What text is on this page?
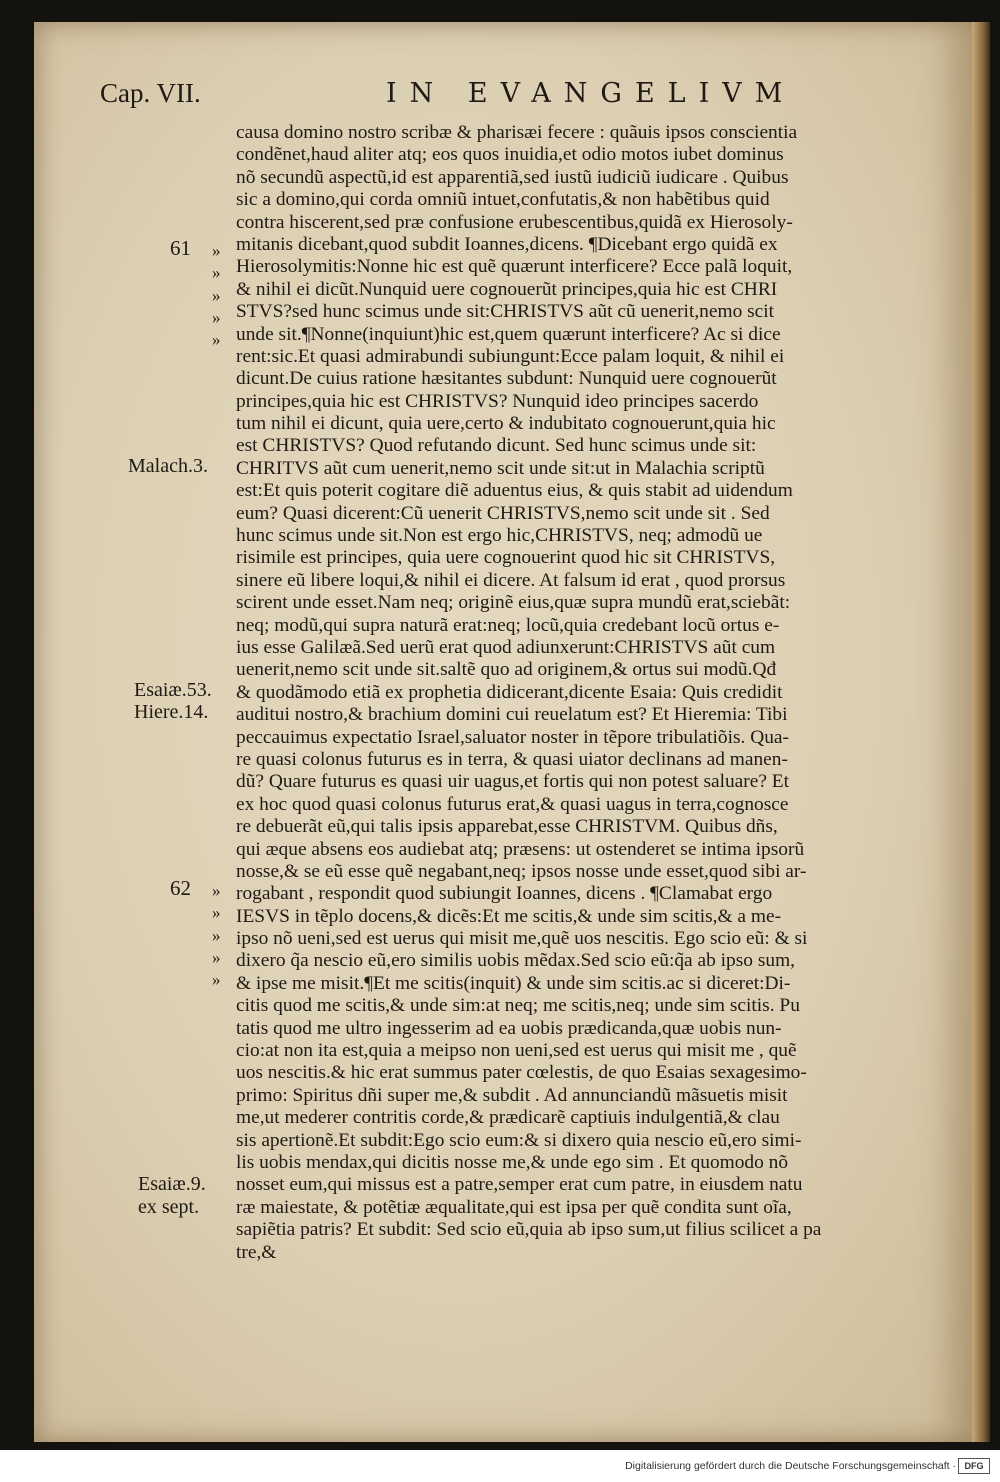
Cap. VII.	IN EVANGELIVM
Malach.3.
Esaiæ.53.
Hiere.14.
Esaiæ.9.
ex sept.
61
62
»
»
»
»
»
»
»
»
»
»
causa domino nostro scribæ & pharisæi fecere : quãuis ipsos conscientia
condẽnet,haud aliter atq; eos quos inuidia,et odio motos iubet dominus
nõ secundũ aspectũ,id est apparentiã,sed iustũ iudiciũ iudicare . Quibus
sic a domino,qui corda omniũ intuet,confutatis,& non habẽtibus quid
contra hiscerent,sed præ confusione erubescentibus,quidã ex Hierosoly-
mitanis dicebant,quod subdit Ioannes,dicens. ¶Dicebant ergo quidã ex
Hierosolymitis:Nonne hic est quẽ quærunt interficere? Ecce palã loquit,
& nihil ei dicũt.Nunquid uere cognouerũt principes,quia hic est CHRI
STVS?sed hunc scimus unde sit:CHRISTVS aũt cũ uenerit,nemo scit
unde sit.¶Nonne(inquiunt)hic est,quem quærunt interficere? Ac si dice
rent:sic.Et quasi admirabundi subiungunt:Ecce palam loquit, & nihil ei
dicunt.De cuius ratione hæsitantes subdunt: Nunquid uere cognouerũt
principes,quia hic est CHRISTVS? Nunquid ideo principes sacerdo
tum nihil ei dicunt, quia uere,certo & indubitato cognouerunt,quia hic
est CHRISTVS? Quod refutando dicunt. Sed hunc scimus unde sit:
CHRITVS aũt cum uenerit,nemo scit unde sit:ut in Malachia scriptũ
est:Et quis poterit cogitare diẽ aduentus eius, & quis stabit ad uidendum
eum? Quasi dicerent:Cũ uenerit CHRISTVS,nemo scit unde sit . Sed
hunc scimus unde sit.Non est ergo hic,CHRISTVS, neq; admodũ ue
risimile est principes, quia uere cognouerint quod hic sit CHRISTVS,
sinere eũ libere loqui,& nihil ei dicere. At falsum id erat , quod prorsus
scirent unde esset.Nam neq; originẽ eius,quæ supra mundũ erat,sciebãt:
neq; modũ,qui supra naturã erat:neq; locũ,quia credebant locũ ortus e-
ius esse Galilæã.Sed uerũ erat quod adiunxerunt:CHRISTVS aũt cum
uenerit,nemo scit unde sit.saltẽ quo ad originem,& ortus sui modũ.Qđ
& quodãmodo etiã ex prophetia didicerant,dicente Esaia: Quis credidit
auditui nostro,& brachium domini cui reuelatum est? Et Hieremia: Tibi
peccauimus expectatio Israel,saluator noster in tẽpore tribulatiõis. Qua-
re quasi colonus futurus es in terra, & quasi uiator declinans ad manen-
dũ? Quare futurus es quasi uir uagus,et fortis qui non potest saluare? Et
ex hoc quod quasi colonus futurus erat,& quasi uagus in terra,cognosce
re debuerãt eũ,qui talis ipsis apparebat,esse CHRISTVM. Quibus dñs,
qui æque absens eos audiebat atq; præsens: ut ostenderet se intima ipsorũ
nosse,& se eũ esse quẽ negabant,neq; ipsos nosse unde esset,quod sibi ar-
rogabant , respondit quod subiungit Ioannes, dicens . ¶Clamabat ergo
IESVS in tẽplo docens,& dicẽs:Et me scitis,& unde sim scitis,& a me-
ipso nõ ueni,sed est uerus qui misit me,quẽ uos nescitis. Ego scio eũ: & si
dixero q̃a nescio eũ,ero similis uobis mẽdax.Sed scio eũ:q̃a ab ipso sum,
& ipse me misit.¶Et me scitis(inquit) & unde sim scitis.ac si diceret:Di-
citis quod me scitis,& unde sim:at neq; me scitis,neq; unde sim scitis. Pu
tatis quod me ultro ingesserim ad ea uobis prædicanda,quæ uobis nun-
cio:at non ita est,quia a meipso non ueni,sed est uerus qui misit me , quẽ
uos nescitis.& hic erat summus pater cœlestis, de quo Esaias sexagesimo-
primo: Spiritus dñi super me,& subdit . Ad annunciandũ mãsuetis misit
me,ut mederer contritis corde,& prædicarẽ captiuis indulgentiã,& clau
sis apertionẽ.Et subdit:Ego scio eum:& si dixero quia nescio eũ,ero simi-
lis uobis mendax,qui dicitis nosse me,& unde ego sim . Et quomodo nõ
nosset eum,qui missus est a patre,semper erat cum patre, in eiusdem natu
ræ maiestate, & potẽtiæ æqualitate,qui est ipsa per quẽ condita sunt oĩa,
sapiẽtia patris? Et subdit: Sed scio eũ,quia ab ipso sum,ut filius scilicet a pa
tre,&
Digitalisierung gefördert durch die Deutsche Forschungsgemeinschaft · DFG
